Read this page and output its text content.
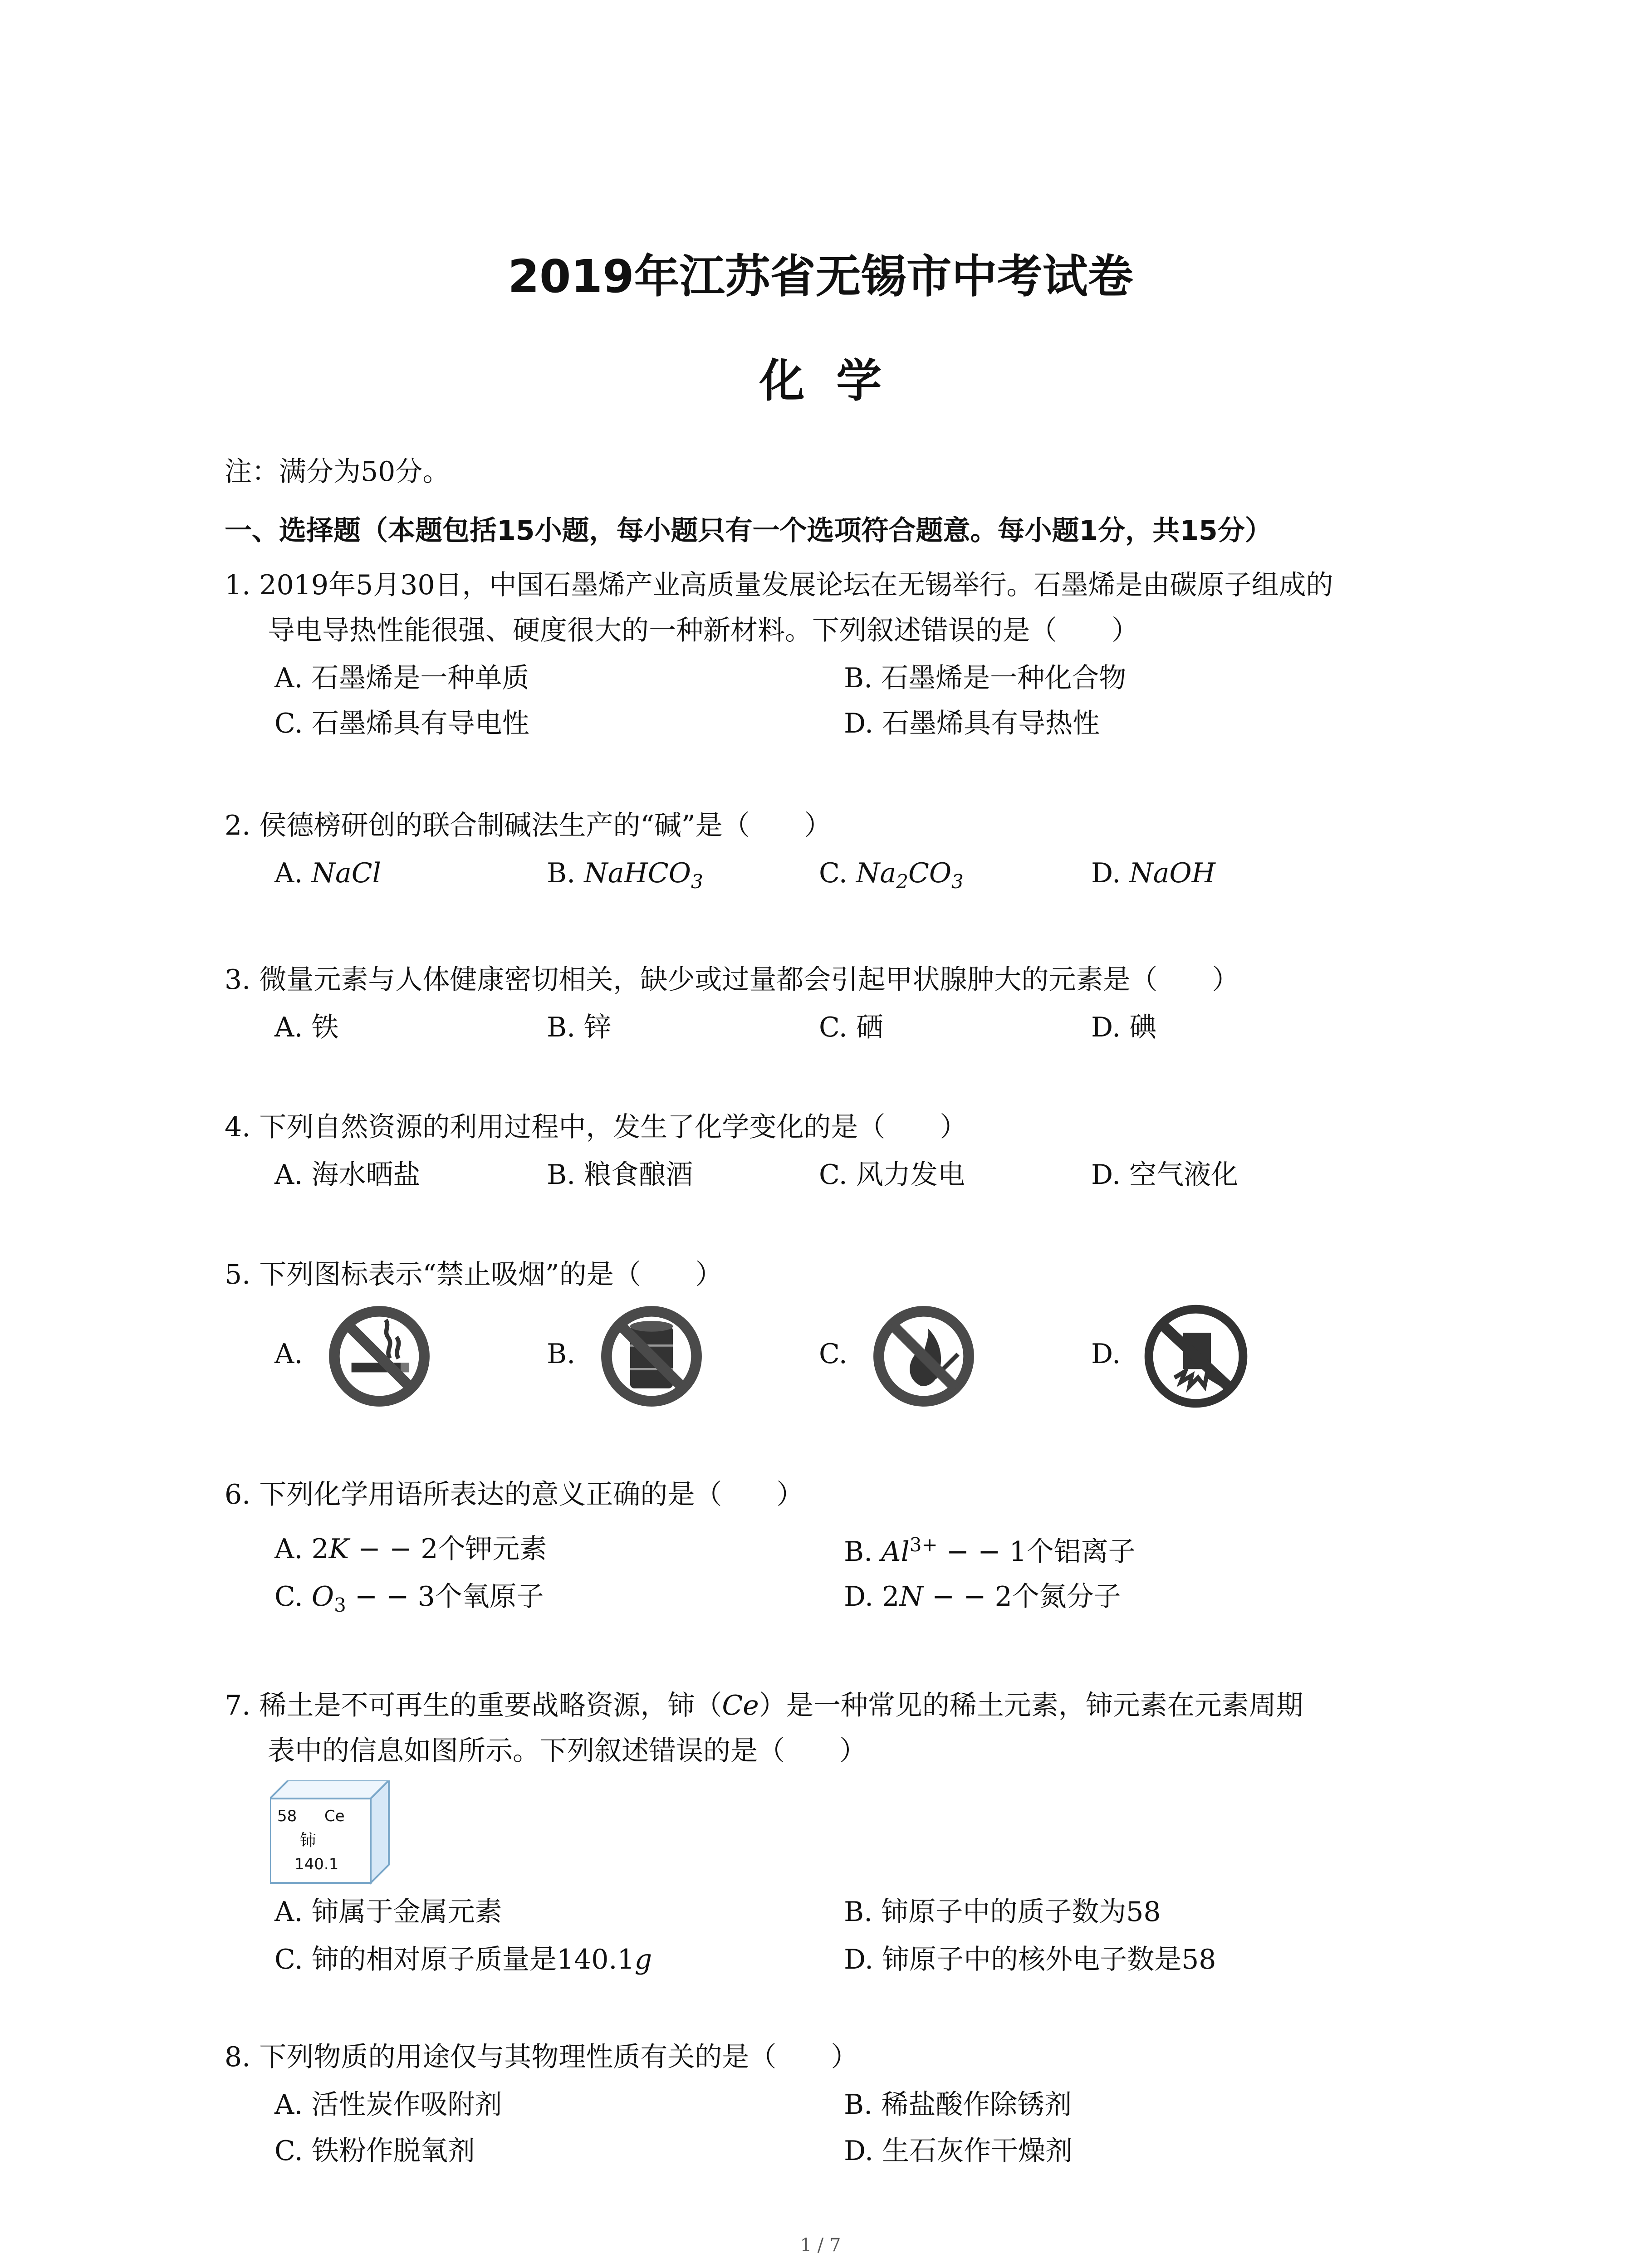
2019年江苏省无锡市中考试卷
化  学
注：满分为50分。
一、选择题（本题包括15小题，每小题只有一个选项符合题意。每小题1分，共15分）
1. 2019年5月30日，中国石墨烯产业高质量发展论坛在无锡举行。石墨烯是由碳原子组成的
导电导热性能很强、硬度很大的一种新材料。下列叙述错误的是（　　）
A. 石墨烯是一种单质	B. 石墨烯是一种化合物
C. 石墨烯具有导电性	D. 石墨烯具有导热性
2. 侯德榜研创的联合制碱法生产的“碱”是（　　）
A. NaCl	B. NaHCO$_3$	C. $Na_2CO_3$	D. NaOH
3. 微量元素与人体健康密切相关，缺少或过量都会引起甲状腺肿大的元素是（　　）
A. 铁	B. 锌	C. 硒	D. 碘
4. 下列自然资源的利用过程中，发生了化学变化的是（　　）
A. 海水晒盐	B. 粮食酿酒	C. 风力发电	D. 空气液化
5. 下列图标表示“禁止吸烟”的是（　　）
A.	B.	C.	D.
6. 下列化学用语所表达的意义正确的是（　　）
A. 2K − − 2个钾元素	B. $Al^{3+}$ − − 1个铝离子
C. $O_3$ − − 3个氧原子	D. 2N − − 2个氮分子
7. 稀土是不可再生的重要战略资源，铈（Ce）是一种常见的稀土元素，铈元素在元素周期
表中的信息如图所示。下列叙述错误的是（　　）
58 Ce
铈
140.1
A. 铈属于金属元素	B. 铈原子中的质子数为58
C. 铈的相对原子质量是140.1g	D. 铈原子中的核外电子数是58
8. 下列物质的用途仅与其物理性质有关的是（　　）
A. 活性炭作吸附剂	B. 稀盐酸作除锈剂
C. 铁粉作脱氧剂	D. 生石灰作干燥剂
1 / 7
